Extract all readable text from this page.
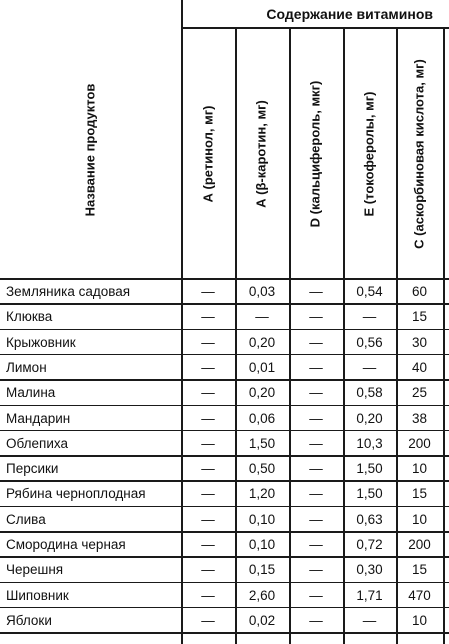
Содержание витаминов
Название продуктов	А (ретинол, мг)	А (β-каротин, мг)	D (кальцифероль, мкг)	Е (токоферолы, мг)	С (аскорбиновая кислота, мг)
Земляника садовая	—	0,03	—	0,54	60
Клюква	—	—	—	—	15
Крыжовник	—	0,20	—	0,56	30
Лимон	—	0,01	—	—	40
Малина	—	0,20	—	0,58	25
Мандарин	—	0,06	—	0,20	38
Облепиха	—	1,50	—	10,3	200
Персики	—	0,50	—	1,50	10
Рябина черноплодная	—	1,20	—	1,50	15
Слива	—	0,10	—	0,63	10
Смородина черная	—	0,10	—	0,72	200
Черешня	—	0,15	—	0,30	15
Шиповник	—	2,60	—	1,71	470
Яблоки	—	0,02	—	—	10
